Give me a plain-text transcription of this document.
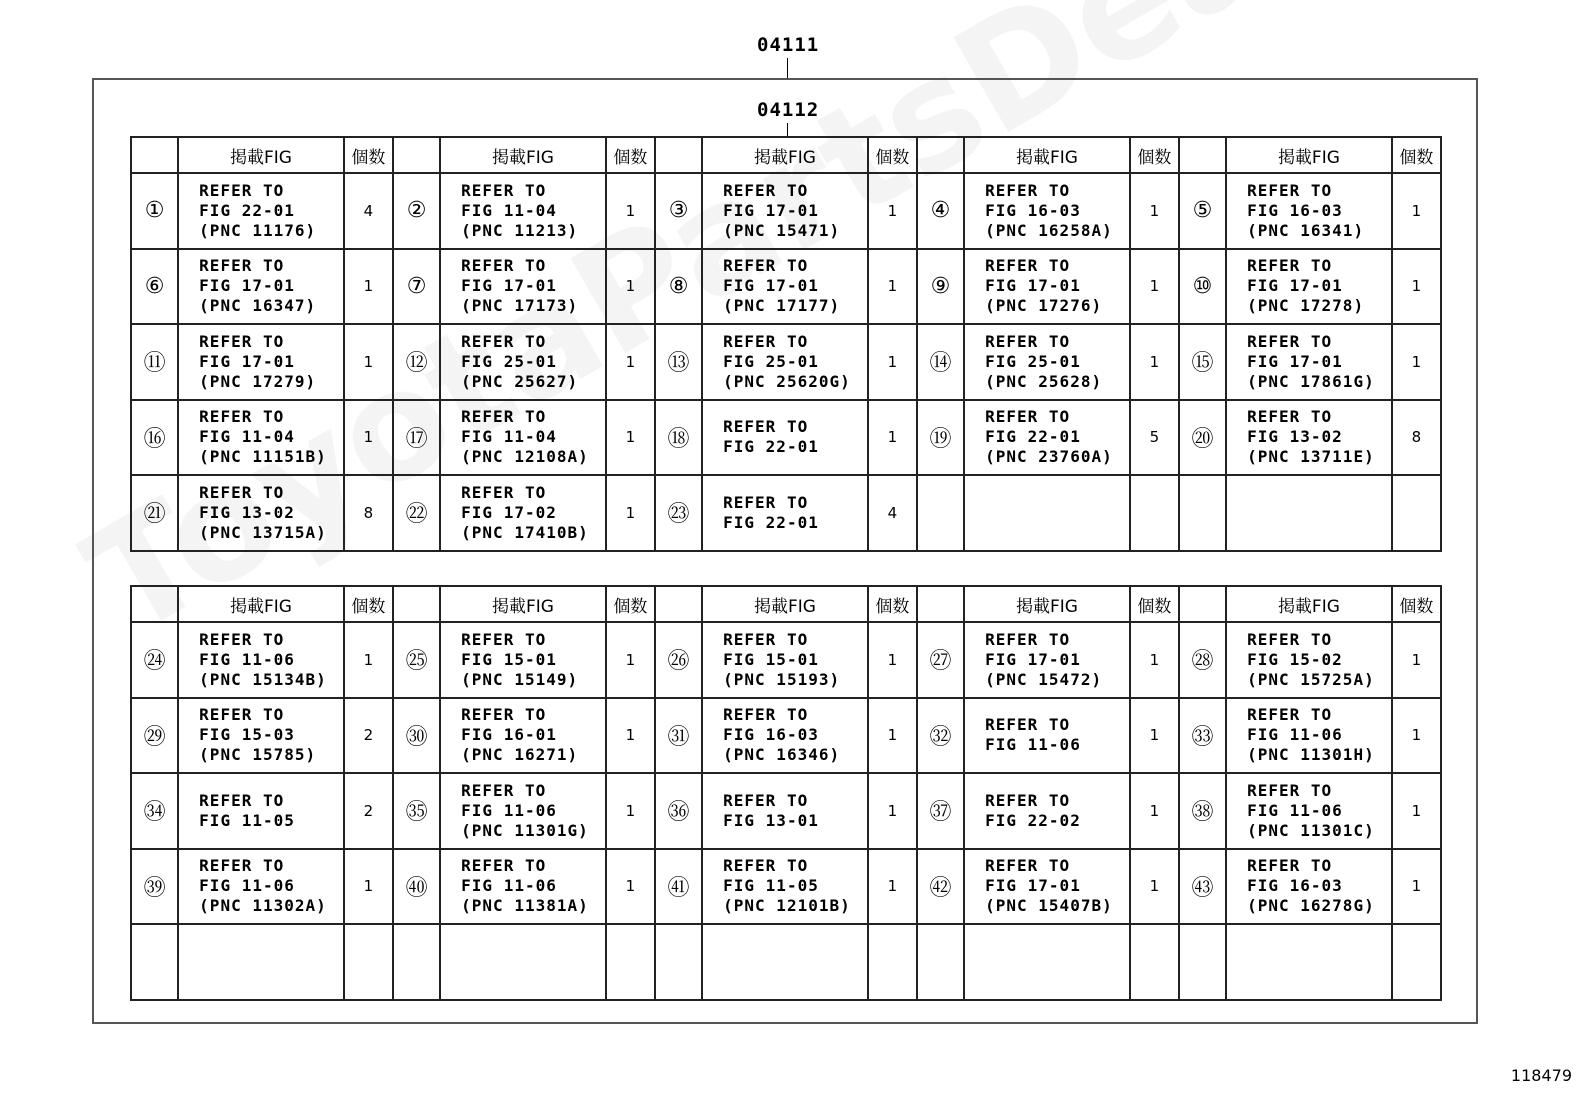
04111
04112
	掲載FIG	個数		掲載FIG	個数		掲載FIG	個数		掲載FIG	個数		掲載FIG	個数
①	REFER TO
FIG 22-01
(PNC 11176)	4	②	REFER TO
FIG 11-04
(PNC 11213)	1	③	REFER TO
FIG 17-01
(PNC 15471)	1	④	REFER TO
FIG 16-03
(PNC 16258A)	1	⑤	REFER TO
FIG 16-03
(PNC 16341)	1
⑥	REFER TO
FIG 17-01
(PNC 16347)	1	⑦	REFER TO
FIG 17-01
(PNC 17173)	1	⑧	REFER TO
FIG 17-01
(PNC 17177)	1	⑨	REFER TO
FIG 17-01
(PNC 17276)	1	⑩	REFER TO
FIG 17-01
(PNC 17278)	1
⑪	REFER TO
FIG 17-01
(PNC 17279)	1	⑫	REFER TO
FIG 25-01
(PNC 25627)	1	⑬	REFER TO
FIG 25-01
(PNC 25620G)	1	⑭	REFER TO
FIG 25-01
(PNC 25628)	1	⑮	REFER TO
FIG 17-01
(PNC 17861G)	1
⑯	REFER TO
FIG 11-04
(PNC 11151B)	1	⑰	REFER TO
FIG 11-04
(PNC 12108A)	1	⑱	REFER TO
FIG 22-01	1	⑲	REFER TO
FIG 22-01
(PNC 23760A)	5	⑳	REFER TO
FIG 13-02
(PNC 13711E)	8
㉑	REFER TO
FIG 13-02
(PNC 13715A)	8	㉒	REFER TO
FIG 17-02
(PNC 17410B)	1	㉓	REFER TO
FIG 22-01	4		

	掲載FIG	個数		掲載FIG	個数		掲載FIG	個数		掲載FIG	個数		掲載FIG	個数
㉔	REFER TO
FIG 11-06
(PNC 15134B)	1	㉕	REFER TO
FIG 15-01
(PNC 15149)	1	㉖	REFER TO
FIG 15-01
(PNC 15193)	1	㉗	REFER TO
FIG 17-01
(PNC 15472)	1	㉘	REFER TO
FIG 15-02
(PNC 15725A)	1
㉙	REFER TO
FIG 15-03
(PNC 15785)	2	㉚	REFER TO
FIG 16-01
(PNC 16271)	1	㉛	REFER TO
FIG 16-03
(PNC 16346)	1	㉜	REFER TO
FIG 11-06	1	㉝	REFER TO
FIG 11-06
(PNC 11301H)	1
㉞	REFER TO
FIG 11-05	2	㉟	REFER TO
FIG 11-06
(PNC 11301G)	1	㊱	REFER TO
FIG 13-01	1	㊲	REFER TO
FIG 22-02	1	㊳	REFER TO
FIG 11-06
(PNC 11301C)	1
㊴	REFER TO
FIG 11-06
(PNC 11302A)	1	㊵	REFER TO
FIG 11-06
(PNC 11381A)	1	㊶	REFER TO
FIG 11-05
(PNC 12101B)	1	㊷	REFER TO
FIG 17-01
(PNC 15407B)	1	㊸	REFER TO
FIG 16-03
(PNC 16278G)	1

118479
